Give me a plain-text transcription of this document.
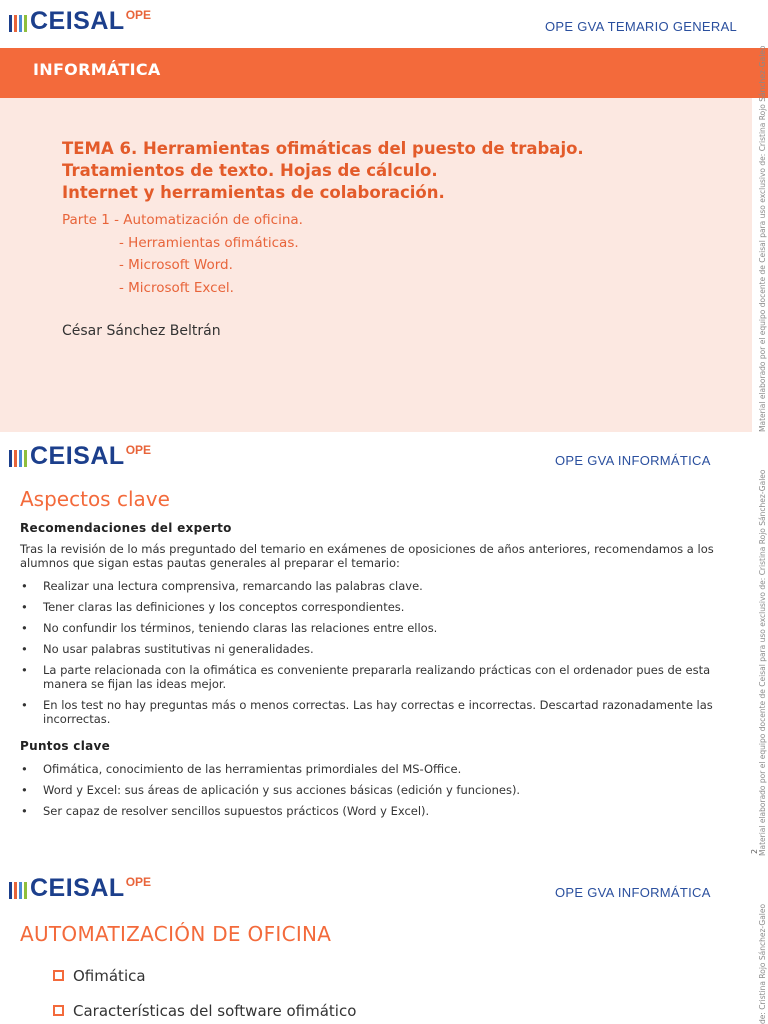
CEISAL OPE
OPE GVA TEMARIO GENERAL
INFORMÁTICA
TEMA 6. Herramientas ofimáticas del puesto de trabajo.
Tratamientos de texto. Hojas de cálculo.
Internet y herramientas de colaboración.
Parte 1 - Automatización de oficina.
- Herramientas ofimáticas.
- Microsoft Word.
- Microsoft Excel.
César Sánchez Beltrán	Material elaborado por el equipo docente de Ceisal para uso exclusivo de: Cristina Rojo Sánchez-Galeo
CEISAL OPE
OPE GVA INFORMÁTICA
Aspectos clave
Recomendaciones del experto
Tras la revisión de lo más preguntado del temario en exámenes de oposiciones de años anteriores, recomendamos a los alumnos que sigan estas pautas generales al preparar el temario:
• Realizar una lectura comprensiva, remarcando las palabras clave.
• Tener claras las definiciones y los conceptos correspondientes.
• No confundir los términos, teniendo claras las relaciones entre ellos.
• No usar palabras sustitutivas ni generalidades.
• La parte relacionada con la ofimática es conveniente prepararla realizando prácticas con el ordenador pues de esta manera se fijan las ideas mejor.
• En los test no hay preguntas más o menos correctas. Las hay correctas e incorrectas. Descartad razonadamente las incorrectas.
Puntos clave
• Ofimática, conocimiento de las herramientas primordiales del MS-Office.
• Word y Excel: sus áreas de aplicación y sus acciones básicas (edición y funciones).
• Ser capaz de resolver sencillos supuestos prácticos (Word y Excel).
2
Material elaborado por el equipo docente de Ceisal para uso exclusivo de: Cristina Rojo Sánchez-Galeo
CEISAL OPE
OPE GVA INFORMÁTICA
AUTOMATIZACIÓN DE OFICINA
Ofimática
Características del software ofimático	de: Cristina Rojo Sánchez-Galeo
